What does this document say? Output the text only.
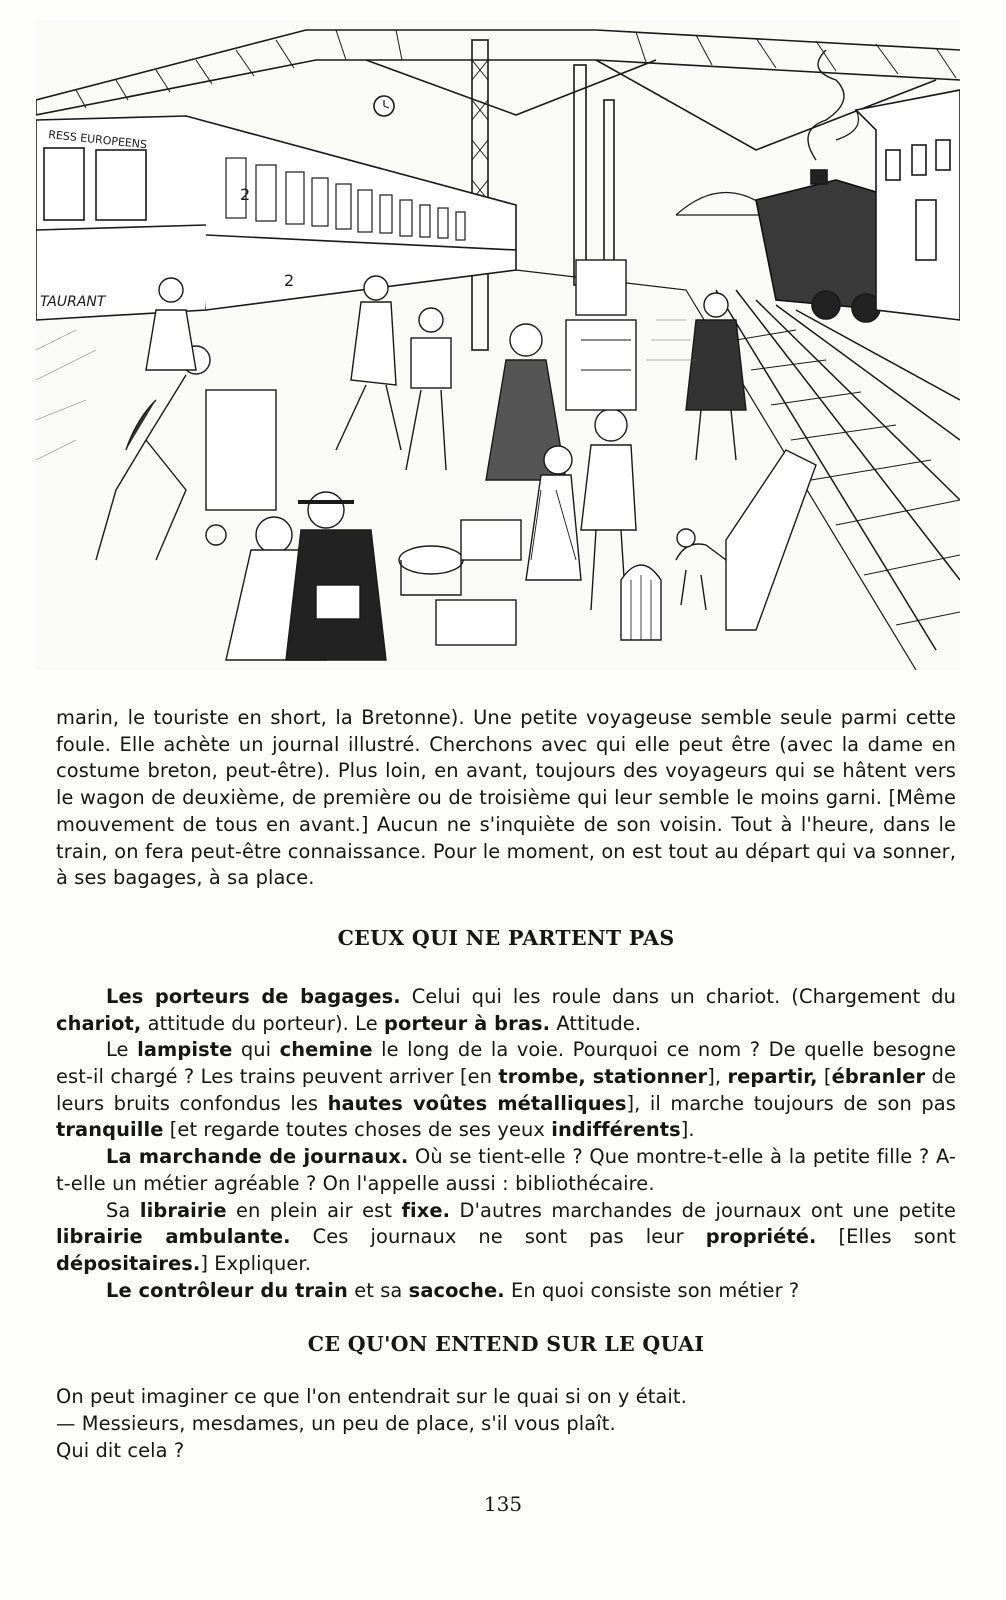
RESS EUROPEENS
TAURANT
2
2

marin, le touriste en short, la Bretonne). Une petite voyageuse semble seule parmi cette foule. Elle achète un journal illustré. Cherchons avec qui elle peut être (avec la dame en costume breton, peut-être). Plus loin, en avant, toujours des voyageurs qui se hâtent vers le wagon de deuxième, de première ou de troisième qui leur semble le moins garni. [Même mouvement de tous en avant.] Aucun ne s'inquiète de son voisin. Tout à l'heure, dans le train, on fera peut-être connaissance. Pour le moment, on est tout au départ qui va sonner, à ses bagages, à sa place.

CEUX QUI NE PARTENT PAS

Les porteurs de bagages. Celui qui les roule dans un chariot. (Chargement du chariot, attitude du porteur). Le porteur à bras. Attitude.

Le lampiste qui chemine le long de la voie. Pourquoi ce nom ? De quelle besogne est-il chargé ? Les trains peuvent arriver [en trombe, stationner], repartir, [ébranler de leurs bruits confondus les hautes voûtes métalliques], il marche toujours de son pas tranquille [et regarde toutes choses de ses yeux indifférents].

La marchande de journaux. Où se tient-elle ? Que montre-t-elle à la petite fille ? A-t-elle un métier agréable ? On l'appelle aussi : bibliothécaire.

Sa librairie en plein air est fixe. D'autres marchandes de journaux ont une petite librairie ambulante. Ces journaux ne sont pas leur propriété. [Elles sont dépositaires.] Expliquer.

Le contrôleur du train et sa sacoche. En quoi consiste son métier ?

CE QU'ON ENTEND SUR LE QUAI

On peut imaginer ce que l'on entendrait sur le quai si on y était.

— Messieurs, mesdames, un peu de place, s'il vous plaît.

Qui dit cela ?

135
